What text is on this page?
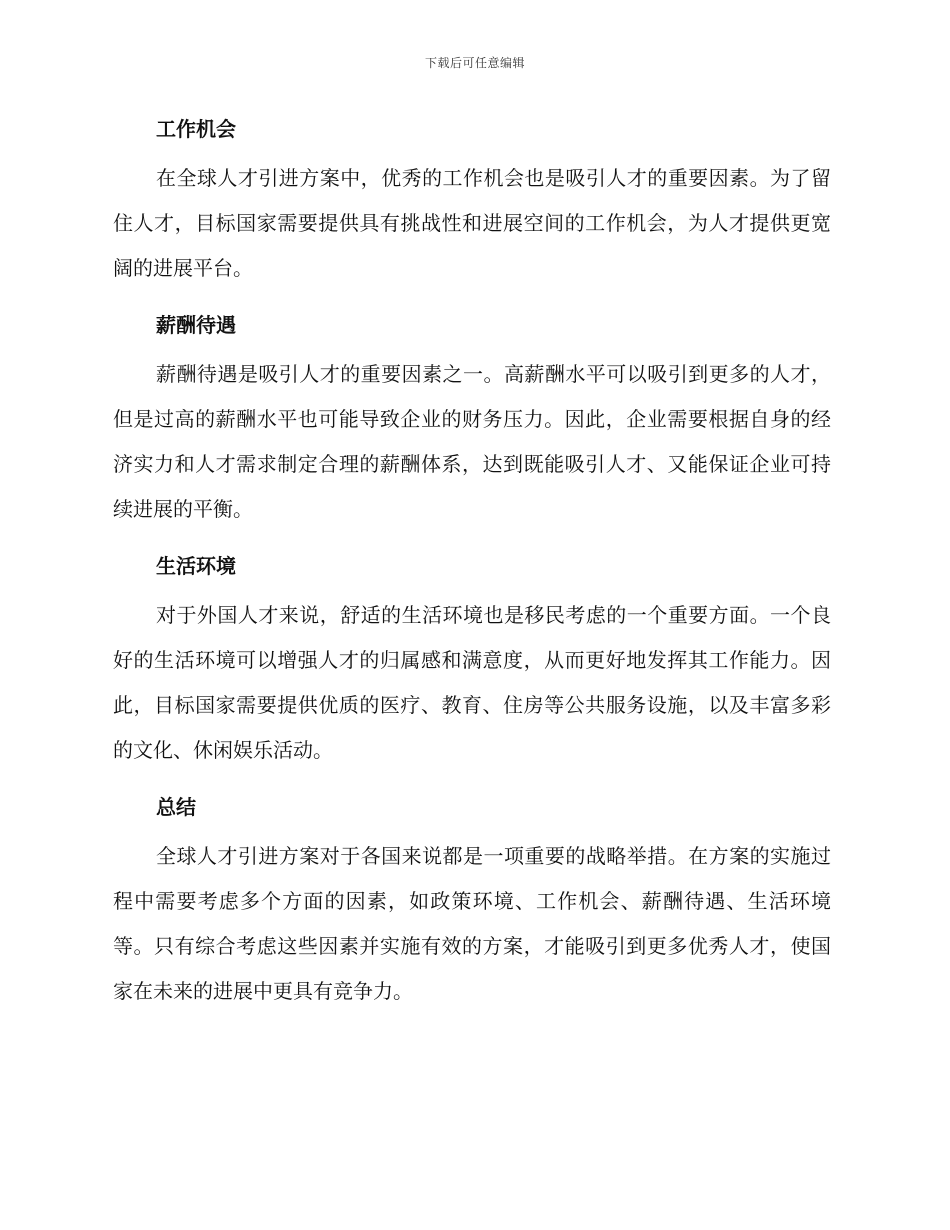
下载后可任意编辑
工作机会

在全球人才引进方案中，优秀的工作机会也是吸引人才的重要因素。为了留住人才，目标国家需要提供具有挑战性和进展空间的工作机会，为人才提供更宽阔的进展平台。

薪酬待遇

薪酬待遇是吸引人才的重要因素之一。高薪酬水平可以吸引到更多的人才，但是过高的薪酬水平也可能导致企业的财务压力。因此，企业需要根据自身的经济实力和人才需求制定合理的薪酬体系，达到既能吸引人才、又能保证企业可持续进展的平衡。

生活环境

对于外国人才来说，舒适的生活环境也是移民考虑的一个重要方面。一个良好的生活环境可以增强人才的归属感和满意度，从而更好地发挥其工作能力。因此，目标国家需要提供优质的医疗、教育、住房等公共服务设施，以及丰富多彩的文化、休闲娱乐活动。

总结

全球人才引进方案对于各国来说都是一项重要的战略举措。在方案的实施过程中需要考虑多个方面的因素，如政策环境、工作机会、薪酬待遇、生活环境等。只有综合考虑这些因素并实施有效的方案，才能吸引到更多优秀人才，使国家在未来的进展中更具有竞争力。
